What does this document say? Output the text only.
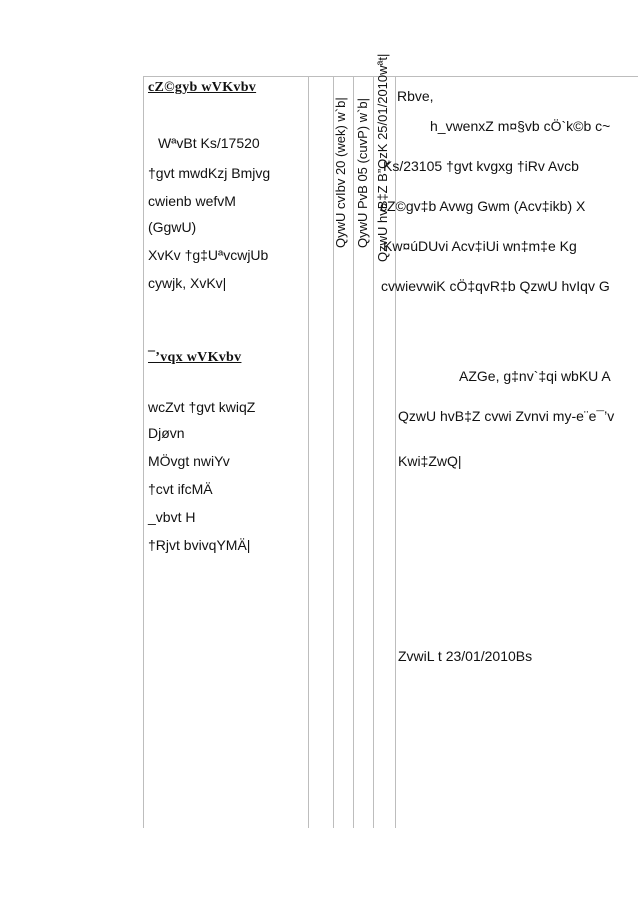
cZ©gyb wVKvbv
WªvBt Ks/17520
†gvt mwdKzj Bmjvg
cwienb wefvM
(GgwU)
XvKv †g‡UªvcwjUb
cywjk, XvKv|
¯’vqx wVKvbv
wcZvt †gvt kwiqZ
Djøvn
MÖvgt nwiYv
†cvt ifcMÄ
_vbvt H
†Rjvt bvivqYMÄ|
QywU cvIbv 20 (wek) w`b| QywU PvB 05 (cuvP) w`b| QzwU hvB‡Z B”QzK 25/01/2010wªt| Rbve,
h_vwenxZ m¤§vb cÖ`k©b c~
Ks/23105 †gvt kvgxg †iRv Avcb
cZ©gv‡b Avwg Gwm (Acv‡ikb) X
Kw¤úDUvi Acv‡iUi wn‡m‡e Kg
cvwievwiK cÖ‡qvR‡b QzwU hvIqv G
AZGe, g‡nv`‡qi wbKU A
QzwU hvB‡Z cvwi Zvnvi my-e¨e¯’v
Kwi‡ZwQ|
ZvwiL t 23/01/2010Bs
